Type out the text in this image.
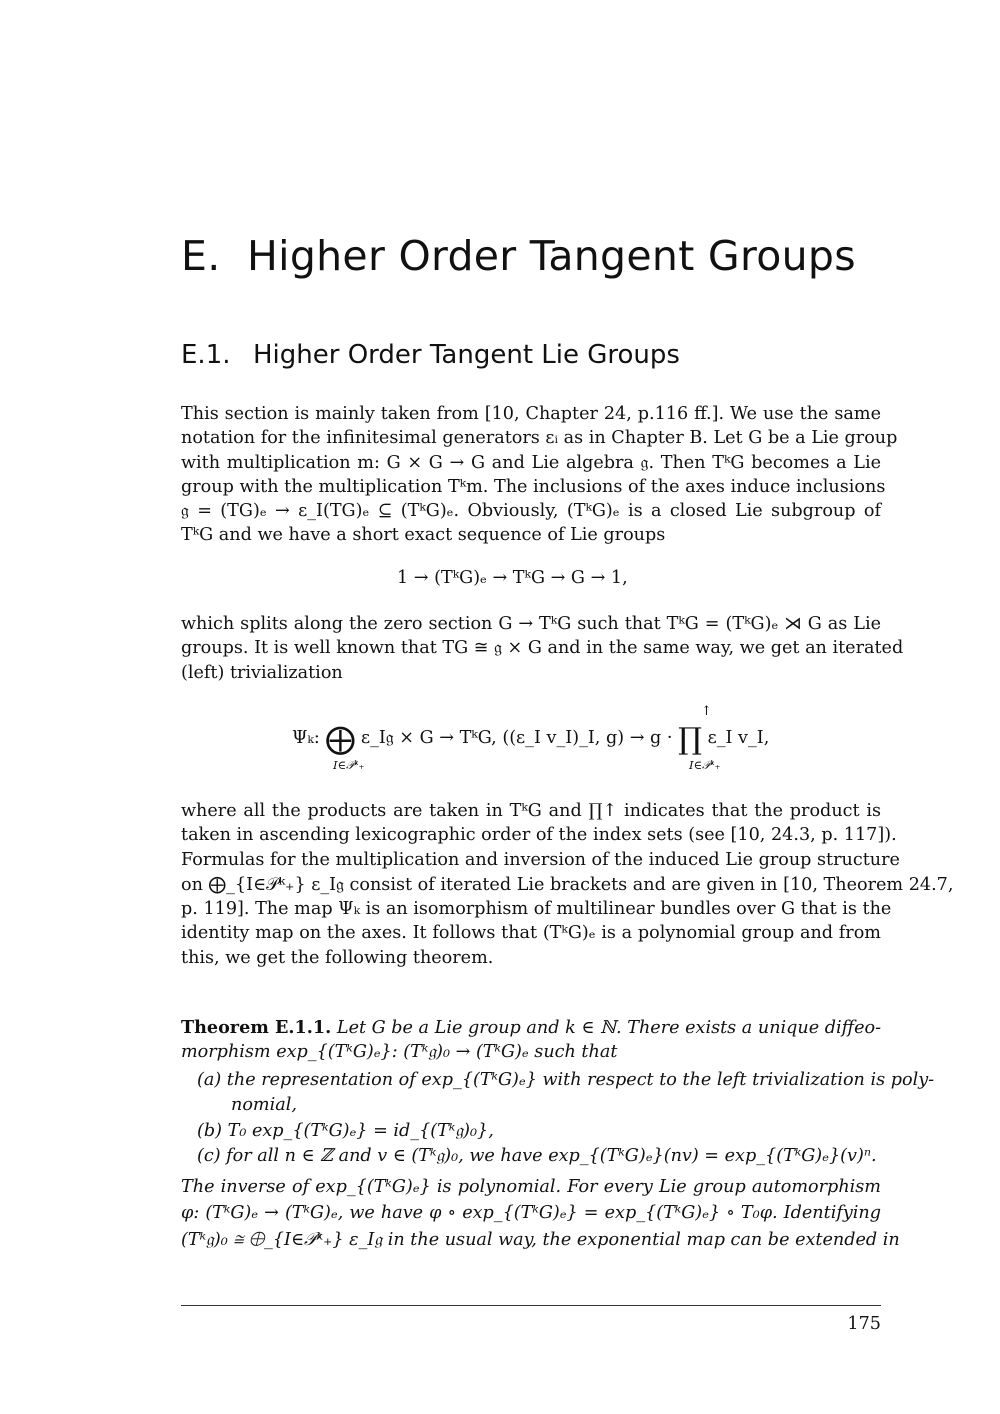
E. Higher Order Tangent Groups
E.1. Higher Order Tangent Lie Groups
This section is mainly taken from [10, Chapter 24, p.116 ff.]. We use the same
notation for the infinitesimal generators εᵢ as in Chapter B. Let G be a Lie group
with multiplication m: G × G → G and Lie algebra 𝔤. Then TᵏG becomes a Lie
group with the multiplication Tᵏm. The inclusions of the axes induce inclusions
𝔤 = (TG)ₑ → ε_I(TG)ₑ ⊆ (TᵏG)ₑ. Obviously, (TᵏG)ₑ is a closed Lie subgroup of
TᵏG and we have a short exact sequence of Lie groups
1 → (TᵏG)ₑ → TᵏG → G → 1,
which splits along the zero section G → TᵏG such that TᵏG = (TᵏG)ₑ ⋊ G as Lie
groups. It is well known that TG ≅ 𝔤 × G and in the same way, we get an iterated
(left) trivialization
Ψₖ: ⨁ ε_I𝔤 × G → TᵏG, ((ε_I v_I)_I, g) → g · ∏ ε_I v_I,
I∈𝒫ᵏ₊
↑
I∈𝒫ᵏ₊
where all the products are taken in TᵏG and ∏↑ indicates that the product is
taken in ascending lexicographic order of the index sets (see [10, 24.3, p. 117]).
Formulas for the multiplication and inversion of the induced Lie group structure
on ⨁_{I∈𝒫ᵏ₊} ε_I𝔤 consist of iterated Lie brackets and are given in [10, Theorem 24.7,
p. 119]. The map Ψₖ is an isomorphism of multilinear bundles over G that is the
identity map on the axes. It follows that (TᵏG)ₑ is a polynomial group and from
this, we get the following theorem.
Theorem E.1.1. Let G be a Lie group and k ∈ ℕ. There exists a unique diffeo-
morphism exp_{(TᵏG)ₑ}: (Tᵏ𝔤)₀ → (TᵏG)ₑ such that
(a) the representation of exp_{(TᵏG)ₑ} with respect to the left trivialization is poly-
nomial,
(b) T₀ exp_{(TᵏG)ₑ} = id_{(Tᵏ𝔤)₀},
(c) for all n ∈ ℤ and v ∈ (Tᵏ𝔤)₀, we have exp_{(TᵏG)ₑ}(nv) = exp_{(TᵏG)ₑ}(v)ⁿ.
The inverse of exp_{(TᵏG)ₑ} is polynomial. For every Lie group automorphism
φ: (TᵏG)ₑ → (TᵏG)ₑ, we have φ ∘ exp_{(TᵏG)ₑ} = exp_{(TᵏG)ₑ} ∘ T₀φ. Identifying
(Tᵏ𝔤)₀ ≅ ⨁_{I∈𝒫ᵏ₊} ε_I𝔤 in the usual way, the exponential map can be extended in
175
